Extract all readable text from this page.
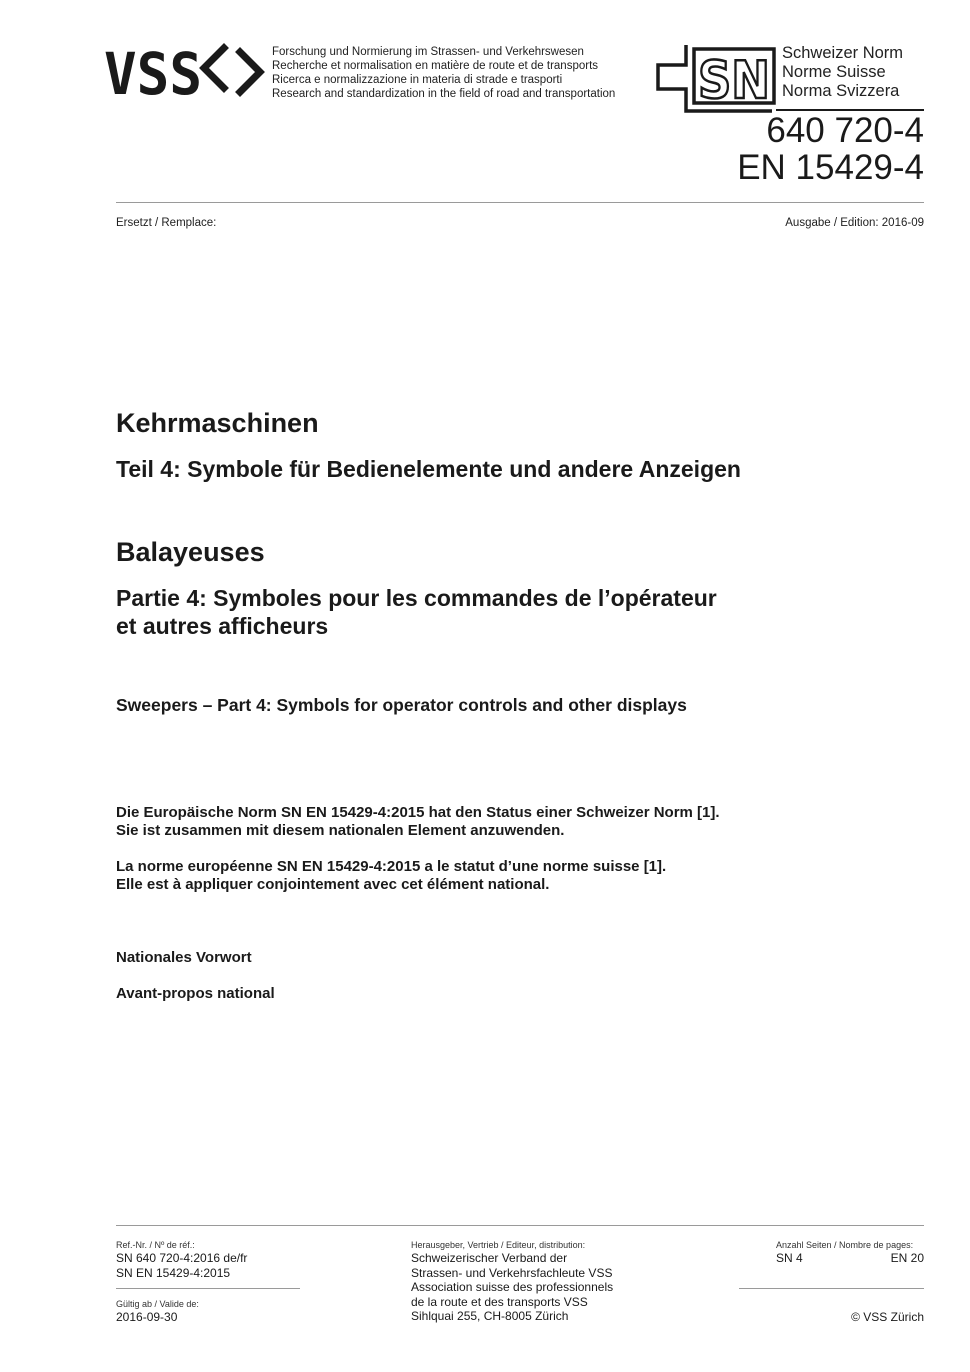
VSS	Forschung und Normierung im Strassen- und Verkehrswesen
Recherche et normalisation en matière de route et de transports
Ricerca e normalizzazione in materia di strade e trasporti
Research and standardization in the field of road and transportation SN Schweizer Norm
Norme Suisse
Norma Svizzera
640 720-4
EN 15429-4
Ersetzt / Remplace:	Ausgabe / Edition: 2016-09
Kehrmaschinen
Teil 4: Symbole für Bedienelemente und andere Anzeigen
Balayeuses
Partie 4: Symboles pour les commandes de l’opérateur
et autres afficheurs
Sweepers – Part 4: Symbols for operator controls and other displays
Die Europäische Norm SN EN 15429-4:2015 hat den Status einer Schweizer Norm [1].
Sie ist zusammen mit diesem nationalen Element anzuwenden.
La norme européenne SN EN 15429-4:2015 a le statut d’une norme suisse [1].
Elle est à appliquer conjointement avec cet élément national.
Nationales Vorwort
Avant-propos national
Ref.-Nr. / Nº de réf.:
SN 640 720-4:2016 de/fr
SN EN 15429-4:2015
Gültig ab / Valide de:
2016-09-30
Herausgeber, Vertrieb / Editeur, distribution:
Schweizerischer Verband der
Strassen- und Verkehrsfachleute VSS
Association suisse des professionnels
de la route et des transports VSS
Sihlquai 255, CH-8005 Zürich
Anzahl Seiten / Nombre de pages:
SN 4	EN 20
© VSS Zürich
